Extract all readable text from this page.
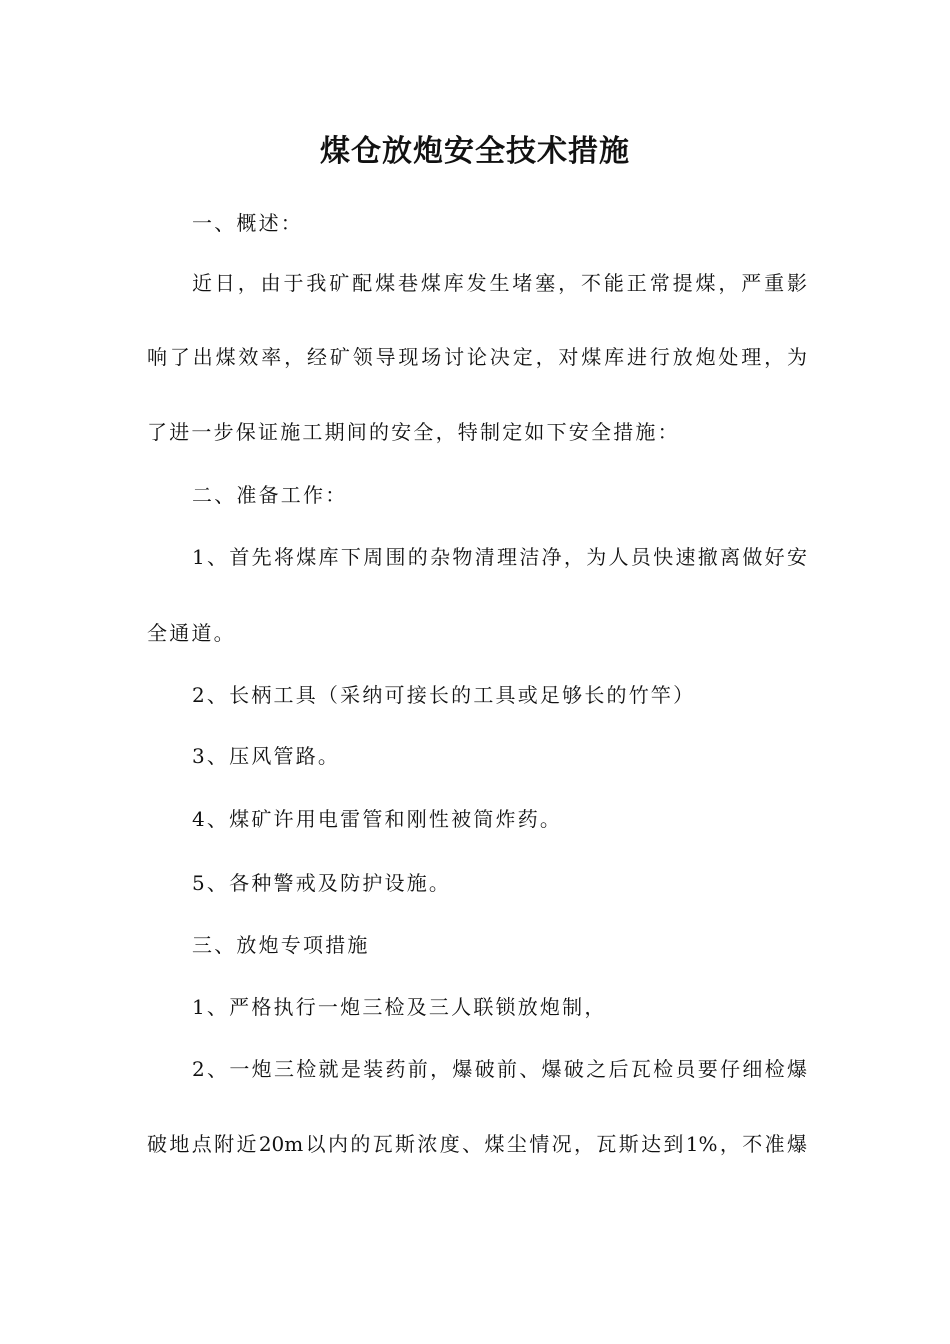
煤仓放炮安全技术措施

一、概述：

近日，由于我矿配煤巷煤库发生堵塞，不能正常提煤，严重影

响了出煤效率，经矿领导现场讨论决定，对煤库进行放炮处理，为

了进一步保证施工期间的安全，特制定如下安全措施：

二、准备工作：

1、首先将煤库下周围的杂物清理洁净，为人员快速撤离做好安

全通道。

2、长柄工具（采纳可接长的工具或足够长的竹竿）

3、压风管路。

4、煤矿许用电雷管和刚性被筒炸药。

5、各种警戒及防护设施。

三、放炮专项措施

1、严格执行一炮三检及三人联锁放炮制，

2、一炮三检就是装药前，爆破前、爆破之后瓦检员要仔细检爆

破地点附近20m以内的瓦斯浓度、煤尘情况，瓦斯达到1%，不准爆
